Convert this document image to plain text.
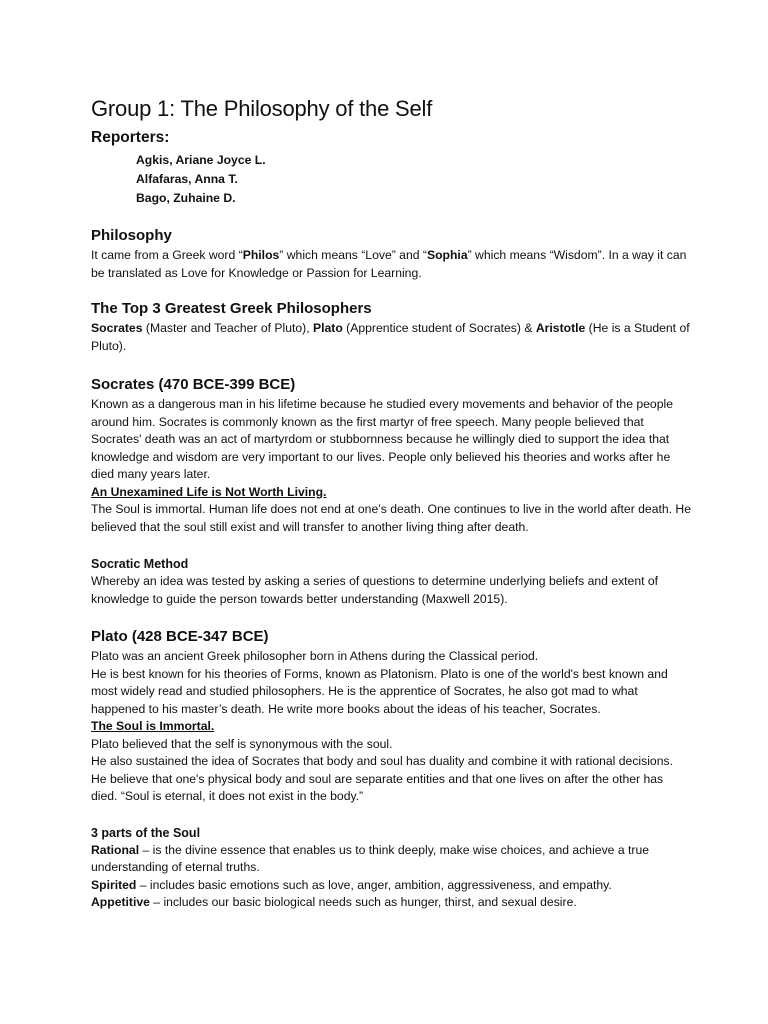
Group 1: The Philosophy of the Self
Reporters:
Agkis, Ariane Joyce L.
Alfafaras, Anna T.
Bago, Zuhaine D.
Philosophy

It came from a Greek word “Philos” which means “Love” and “Sophia” which means “Wisdom”. In a way it can be translated as Love for Knowledge or Passion for Learning.

The Top 3 Greatest Greek Philosophers

Socrates (Master and Teacher of Pluto), Plato (Apprentice student of Socrates) & Aristotle (He is a Student of Pluto).

Socrates (470 BCE-399 BCE)

Known as a dangerous man in his lifetime because he studied every movements and behavior of the people around him. Socrates is commonly known as the first martyr of free speech. Many people believed that Socrates' death was an act of martyrdom or stubbornness because he willingly died to support the idea that knowledge and wisdom are very important to our lives. People only believed his theories and works after he died many years later.

An Unexamined Life is Not Worth Living.

The Soul is immortal. Human life does not end at one’s death. One continues to live in the world after death. He believed that the soul still exist and will transfer to another living thing after death.

Socratic Method

Whereby an idea was tested by asking a series of questions to determine underlying beliefs and extent of knowledge to guide the person towards better understanding (Maxwell 2015).

Plato (428 BCE-347 BCE)

Plato was an ancient Greek philosopher born in Athens during the Classical period.

He is best known for his theories of Forms, known as Platonism. Plato is one of the world's best known and most widely read and studied philosophers. He is the apprentice of Socrates, he also got mad to what happened to his master’s death. He write more books about the ideas of his teacher, Socrates.

The Soul is Immortal.

Plato believed that the self is synonymous with the soul.

He also sustained the idea of Socrates that body and soul has duality and combine it with rational decisions. He believe that one's physical body and soul are separate entities and that one lives on after the other has died. “Soul is eternal, it does not exist in the body.”

3 parts of the Soul

Rational – is the divine essence that enables us to think deeply, make wise choices, and achieve a true understanding of eternal truths.

Spirited – includes basic emotions such as love, anger, ambition, aggressiveness, and empathy.

Appetitive – includes our basic biological needs such as hunger, thirst, and sexual desire.
